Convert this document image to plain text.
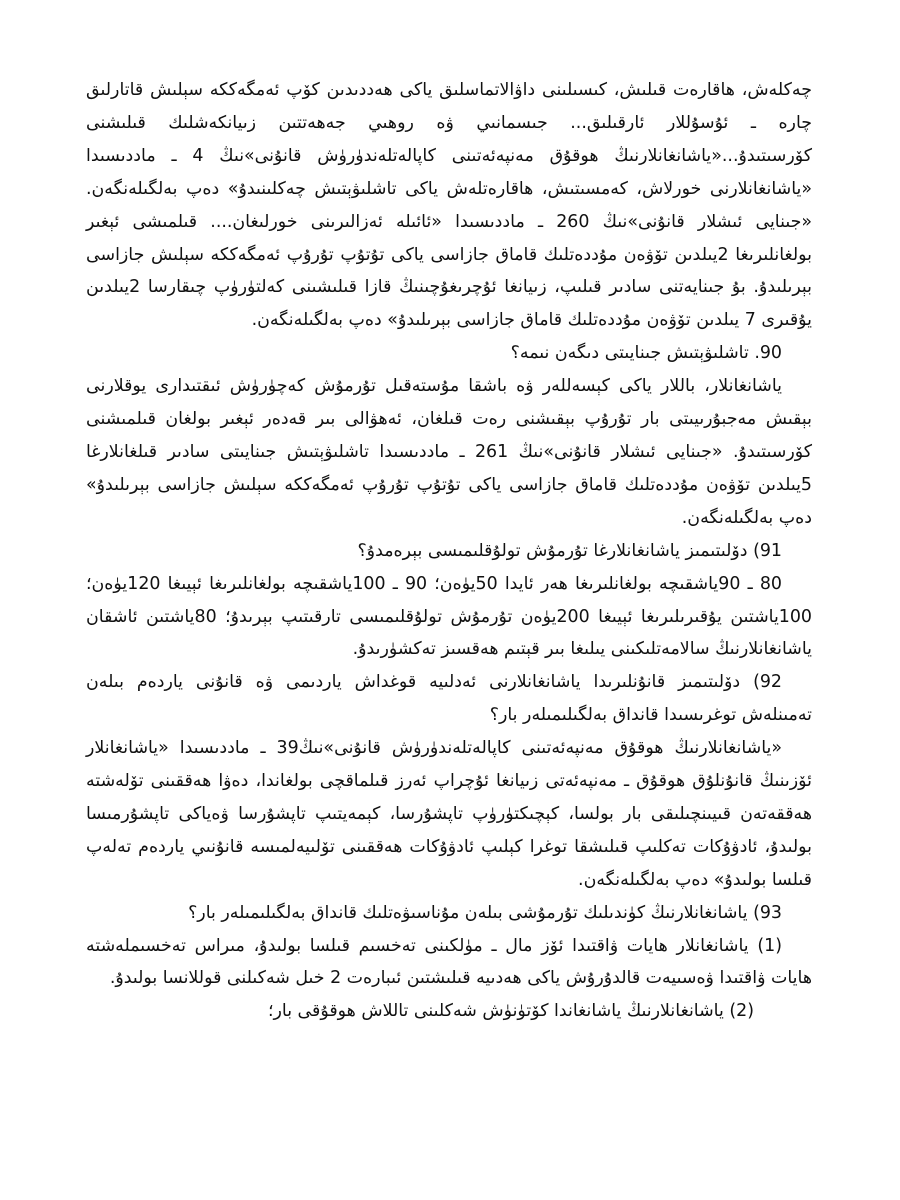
چەكلەش، ھاقارەت قىلىش، كىسىلىنى داۋالاتماسلىق ياكى ھەددىدىن كۆپ ئەمگەككە سېلىش قاتارلىق چارە ـ ئۇسۇللار ئارقىلىق... جىسمانىي ۋە روھىي جەھەتتىن زىيانكەشلىك قىلىشنى كۆرسىتىدۇ...«ياشانغانلارنىڭ ھوقۇق مەنپەئەتىنى كاپالەتلەندۈرۈش قانۇنى»نىڭ 4 ـ ماددىسىدا «ياشانغانلارنى خورلاش، كەمسىتىش، ھاقارەتلەش ياكى تاشلىۋېتىش چەكلىنىدۇ» دەپ بەلگىلەنگەن. «جىنايى ئىشلار قانۇنى»نىڭ 260 ـ ماددىسىدا «ئائىلە ئەزالىرىنى خورلىغان.... قىلمىشى ئېغىر بولغانلىرىغا 2يىلدىن تۆۋەن مۇددەتلىك قاماق جازاسى ياكى تۇتۇپ تۇرۇپ ئەمگەككە سېلىش جازاسى بېرىلىدۇ. بۇ جىنايەتنى سادىر قىلىپ، زىيانغا ئۇچرىغۇچىنىڭ قازا قىلىشىنى كەلتۈرۈپ چىقارسا 2يىلدىن يۇقىرى 7 يىلدىن تۆۋەن مۇددەتلىك قاماق جازاسى بېرىلىدۇ» دەپ بەلگىلەنگەن.

90. تاشلىۋېتىش جىنايىتى دىگەن نىمە؟

ياشانغانلار، باللار ياكى كېسەللەر ۋە باشقا مۇستەقىل تۇرمۇش كەچۈرۈش ئىقتىدارى يوقلارنى بېقىش مەجبۇرىيىتى بار تۇرۇپ بېقىشنى رەت قىلغان، ئەھۋالى بىر قەدەر ئېغىر بولغان قىلمىشنى كۆرسىتىدۇ. «جىنايى ئىشلار قانۇنى»نىڭ 261 ـ ماددىسىدا تاشلىۋېتىش جىنايىتى سادىر قىلغانلارغا 5يىلدىن تۆۋەن مۇددەتلىك قاماق جازاسى ياكى تۇتۇپ تۇرۇپ ئەمگەككە سېلىش جازاسى بېرىلىدۇ» دەپ بەلگىلەنگەن.

91) دۆلىتىمىز ياشانغانلارغا تۇرمۇش تولۇقلىمىسى بېرەمدۇ؟

80 ـ 90ياشقىچە بولغانلىرىغا ھەر ئايدا 50يۈەن؛ 90 ـ 100ياشقىچە بولغانلىرىغا ئېيىغا 120يۈەن؛100ياشتىن يۇقىرىلىرىغا ئېيىغا 200يۈەن تۇرمۇش تولۇقلىمىسى تارقىتىپ بېرىدۇ؛ 80ياشتىن ئاشقان ياشانغانلارنىڭ سالامەتلىكىنى يىلىغا بىر قېتىم ھەقسىز تەكشۈرىدۇ.

92) دۆلىتىمىز قانۇنلىرىدا ياشانغانلارنى ئەدلىيە قوغداش ياردىمى ۋە قانۇنى ياردەم بىلەن تەمىنلەش توغرىسىدا قانداق بەلگىلىمىلەر بار؟

«ياشانغانلارنىڭ ھوقۇق مەنپەئەتىنى كاپالەتلەندۈرۈش قانۇنى»نىڭ39 ـ ماددىسىدا «ياشانغانلار ئۆزىنىڭ قانۇنلۇق ھوقۇق ـ مەنپەئەتى زىيانغا ئۇچراپ ئەرز قىلماقچى بولغاندا، دەۋا ھەققىنى تۆلەشتە ھەققەتەن قىيىنچىلىقى بار بولسا، كېچىكتۈرۈپ تاپشۇرسا، كېمەيتىپ تاپشۇرسا ۋەياكى تاپشۇرمىسا بولىدۇ، ئادۋۇكات تەكلىپ قىلىشقا توغرا كېلىپ ئادۋۇكات ھەققىنى تۆلىيەلمىسە قانۇنىي ياردەم تەلەپ قىلسا بولىدۇ» دەپ بەلگىلەنگەن.

93) ياشانغانلارنىڭ كۈندىلىك تۇرمۇشى بىلەن مۇناسىۋەتلىك قانداق بەلگىلىمىلەر بار؟

(1) ياشانغانلار ھايات ۋاقتىدا ئۆز مال ـ مۈلكىنى تەخسىم قىلسا بولىدۇ، مىراس تەخسىملەشتە ھايات ۋاقتىدا ۋەسىيەت قالدۇرۇش ياكى ھەدىيە قىلىشتىن ئىبارەت 2 خىل شەكىلنى قوللانسا بولىدۇ.

(2) ياشانغانلارنىڭ ياشانغاندا كۆتۈنۈش شەكلىنى تاللاش ھوقۇقى بار؛
